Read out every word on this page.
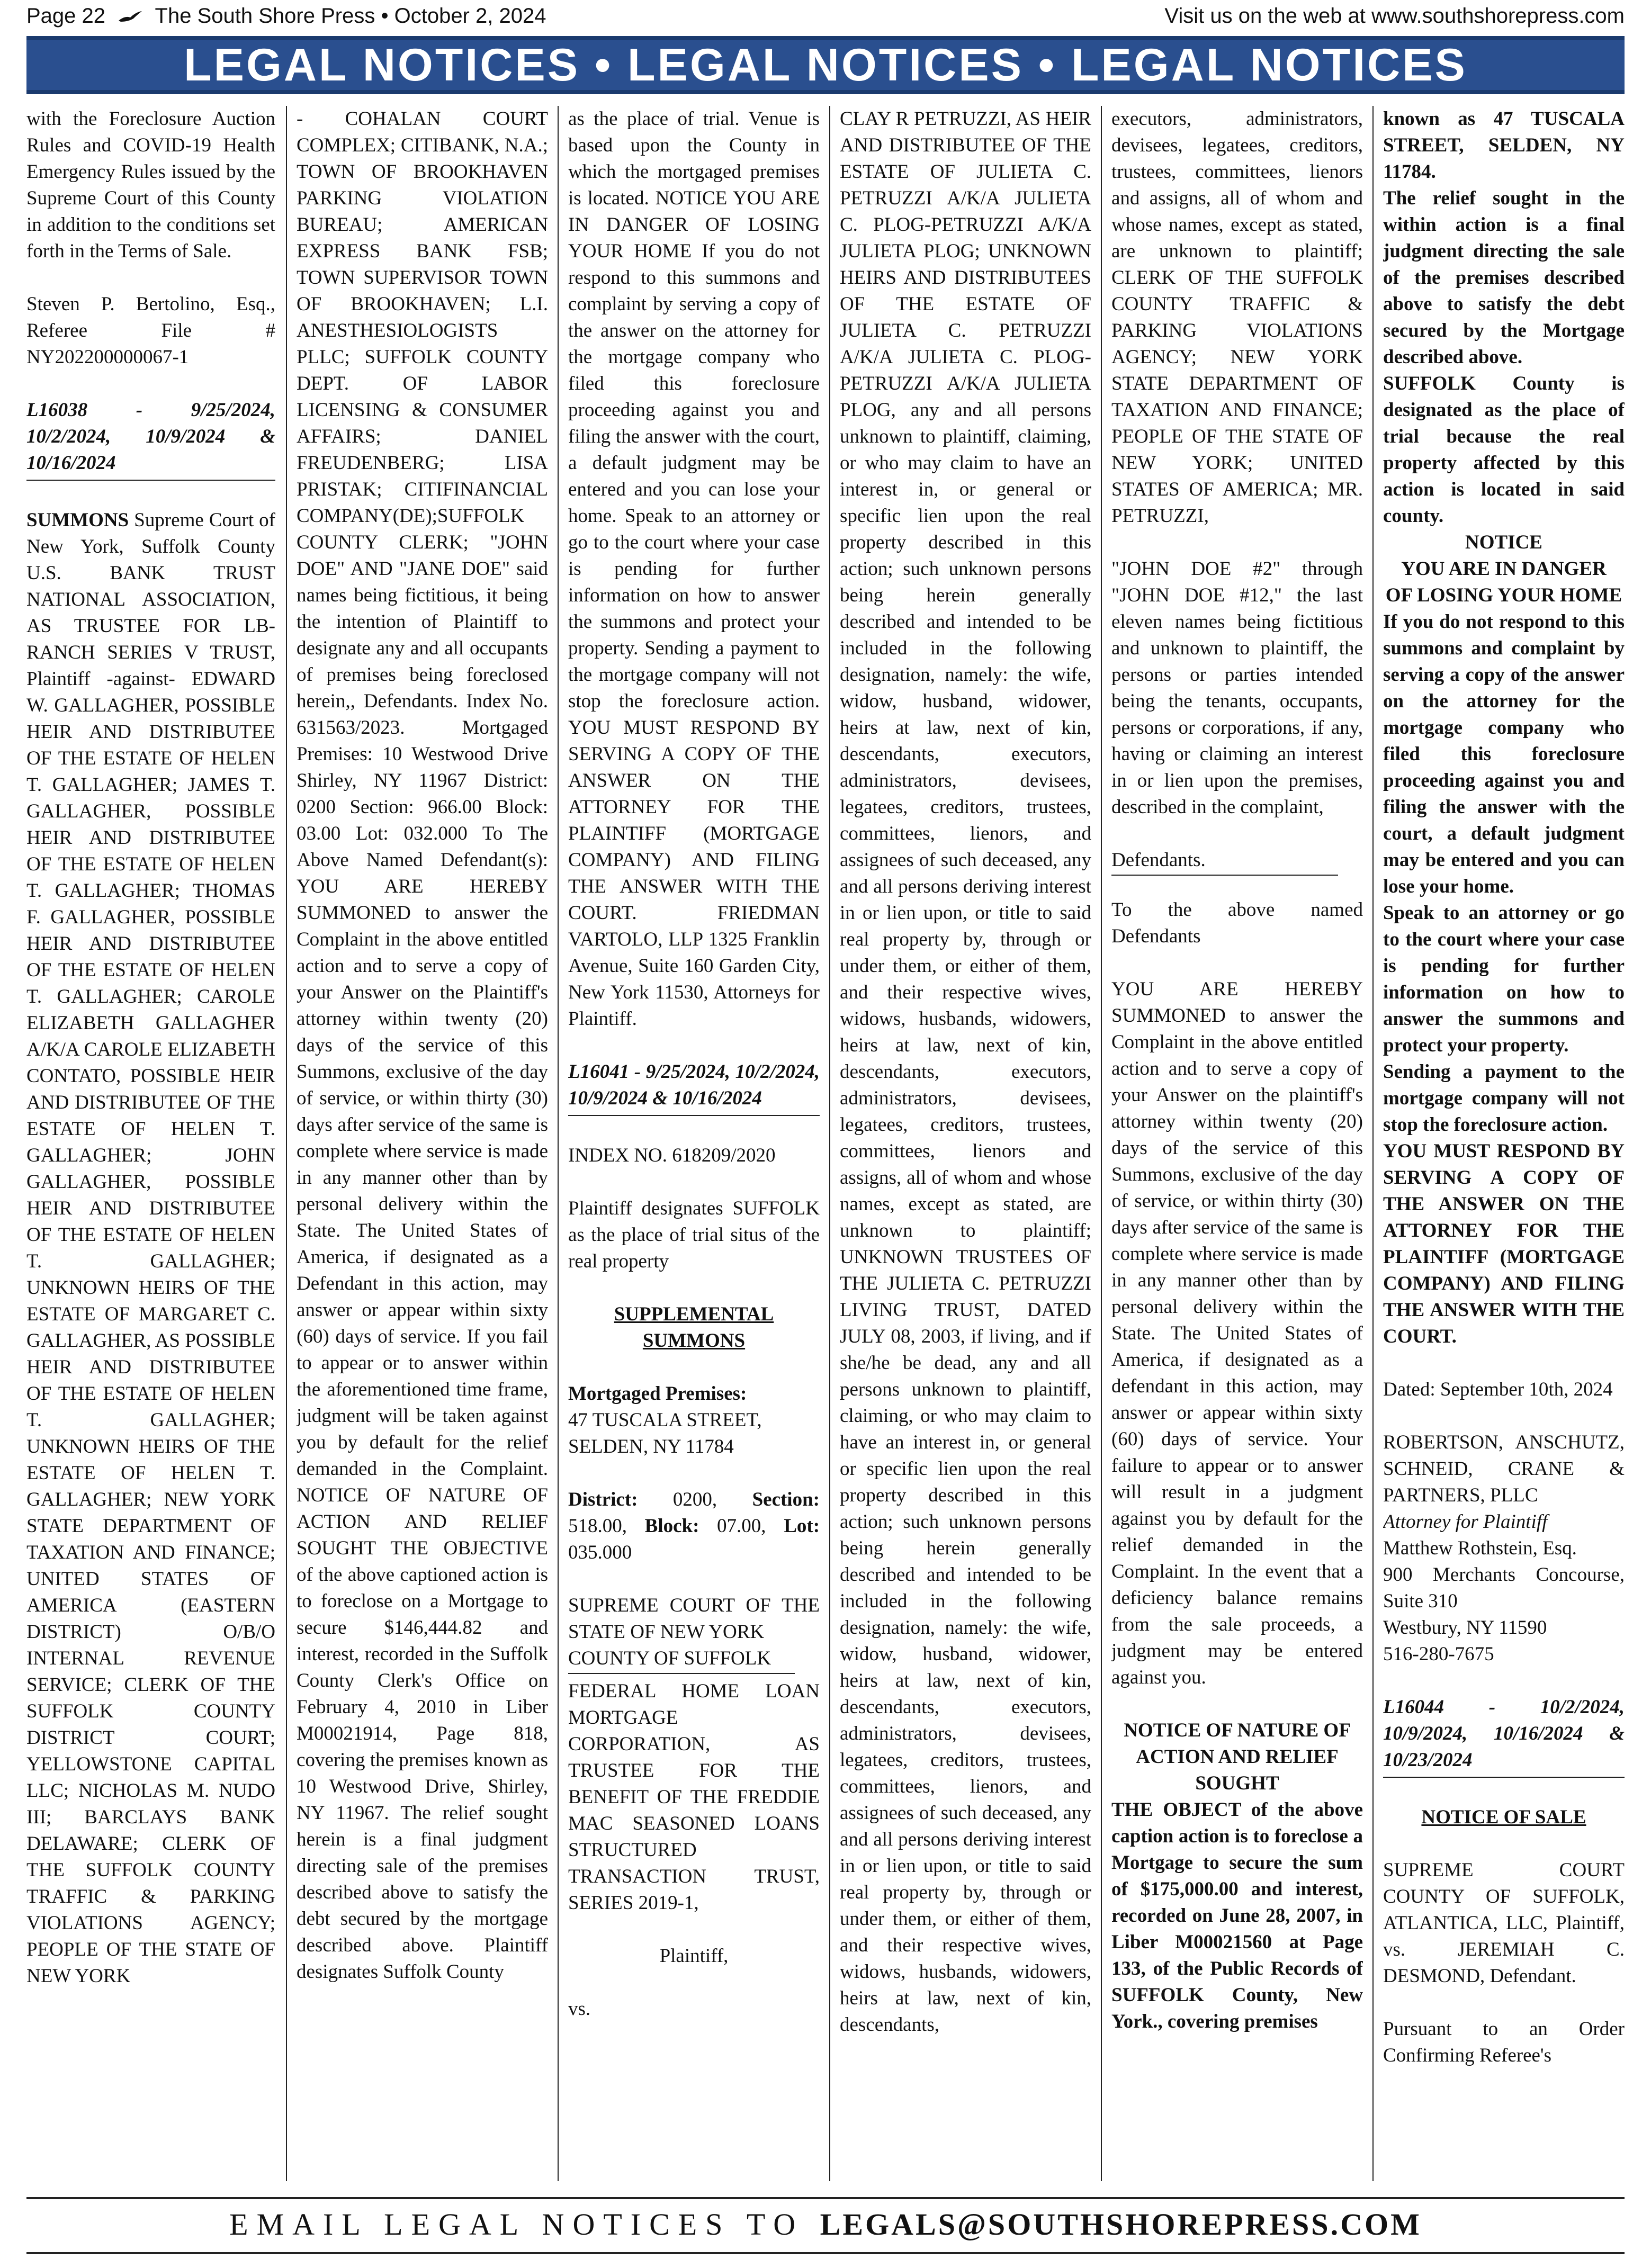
Page 22 The South Shore Press • October 2, 2024	Visit us on the web at www.southshorepress.com
LEGAL NOTICES • LEGAL NOTICES • LEGAL NOTICES

with the Foreclosure Auction Rules and COVID-19 Health Emergency Rules issued by the Supreme Court of this County in addition to the conditions set forth in the Terms of Sale.

Steven P. Bertolino, Esq., Referee File # NY202200000067-1

L16038 - 9/25/2024, 10/2/2024, 10/9/2024 & 10/16/2024

SUMMONS Supreme Court of New York, Suffolk County U.S. BANK TRUST NATIONAL ASSOCIATION, AS TRUSTEE FOR LB-RANCH SERIES V TRUST, Plaintiff -against- EDWARD W. GALLAGHER, POSSIBLE HEIR AND DISTRIBUTEE OF THE ESTATE OF HELEN T. GALLAGHER; JAMES T. GALLAGHER, POSSIBLE HEIR AND DISTRIBUTEE OF THE ESTATE OF HELEN T. GALLAGHER; THOMAS F. GALLAGHER, POSSIBLE HEIR AND DISTRIBUTEE OF THE ESTATE OF HELEN T. GALLAGHER; CAROLE ELIZABETH GALLAGHER A/K/A CAROLE ELIZABETH CONTATO, POSSIBLE HEIR AND DISTRIBUTEE OF THE ESTATE OF HELEN T. GALLAGHER; JOHN GALLAGHER, POSSIBLE HEIR AND DISTRIBUTEE OF THE ESTATE OF HELEN T. GALLAGHER; UNKNOWN HEIRS OF THE ESTATE OF MARGARET C. GALLAGHER, AS POSSIBLE HEIR AND DISTRIBUTEE OF THE ESTATE OF HELEN T. GALLAGHER; UNKNOWN HEIRS OF THE ESTATE OF HELEN T. GALLAGHER; NEW YORK STATE DEPARTMENT OF TAXATION AND FINANCE; UNITED STATES OF AMERICA (EASTERN DISTRICT) O/B/O INTERNAL REVENUE SERVICE; CLERK OF THE SUFFOLK COUNTY DISTRICT COURT; YELLOWSTONE CAPITAL LLC; NICHOLAS M. NUDO III; BARCLAYS BANK DELAWARE; CLERK OF THE SUFFOLK COUNTY TRAFFIC & PARKING VIOLATIONS AGENCY; PEOPLE OF THE STATE OF NEW YORK

- COHALAN COURT COMPLEX; CITIBANK, N.A.; TOWN OF BROOKHAVEN PARKING VIOLATION BUREAU; AMERICAN EXPRESS BANK FSB; TOWN SUPERVISOR TOWN OF BROOKHAVEN; L.I. ANESTHESIOLOGISTS PLLC; SUFFOLK COUNTY DEPT. OF LABOR LICENSING & CONSUMER AFFAIRS; DANIEL FREUDENBERG; LISA PRISTAK; CITIFINANCIAL COMPANY(DE);SUFFOLK COUNTY CLERK; "JOHN DOE" AND "JANE DOE" said names being fictitious, it being the intention of Plaintiff to designate any and all occupants of premises being foreclosed herein,, Defendants. Index No. 631563/2023. Mortgaged Premises: 10 Westwood Drive Shirley, NY 11967 District: 0200 Section: 966.00 Block: 03.00 Lot: 032.000 To The Above Named Defendant(s): YOU ARE HEREBY SUMMONED to answer the Complaint in the above entitled action and to serve a copy of your Answer on the Plaintiff's attorney within twenty (20) days of the service of this Summons, exclusive of the day of service, or within thirty (30) days after service of the same is complete where service is made in any manner other than by personal delivery within the State. The United States of America, if designated as a Defendant in this action, may answer or appear within sixty (60) days of service. If you fail to appear or to answer within the aforementioned time frame, judgment will be taken against you by default for the relief demanded in the Complaint. NOTICE OF NATURE OF ACTION AND RELIEF SOUGHT THE OBJECTIVE of the above captioned action is to foreclose on a Mortgage to secure $146,444.82 and interest, recorded in the Suffolk County Clerk's Office on February 4, 2010 in Liber M00021914, Page 818, covering the premises known as 10 Westwood Drive, Shirley, NY 11967. The relief sought herein is a final judgment directing sale of the premises described above to satisfy the debt secured by the mortgage described above. Plaintiff designates Suffolk County

as the place of trial. Venue is based upon the County in which the mortgaged premises is located. NOTICE YOU ARE IN DANGER OF LOSING YOUR HOME If you do not respond to this summons and complaint by serving a copy of the answer on the attorney for the mortgage company who filed this foreclosure proceeding against you and filing the answer with the court, a default judgment may be entered and you can lose your home. Speak to an attorney or go to the court where your case is pending for further information on how to answer the summons and protect your property. Sending a payment to the mortgage company will not stop the foreclosure action. YOU MUST RESPOND BY SERVING A COPY OF THE ANSWER ON THE ATTORNEY FOR THE PLAINTIFF (MORTGAGE COMPANY) AND FILING THE ANSWER WITH THE COURT. FRIEDMAN VARTOLO, LLP 1325 Franklin Avenue, Suite 160 Garden City, New York 11530, Attorneys for Plaintiff.

L16041 - 9/25/2024, 10/2/2024, 10/9/2024 & 10/16/2024

INDEX NO. 618209/2020

Plaintiff designates SUFFOLK as the place of trial situs of the real property

SUPPLEMENTAL

SUMMONS

Mortgaged Premises:
47 TUSCALA STREET,

SELDEN, NY 11784

District: 0200, Section: 518.00, Block: 07.00, Lot: 035.000

SUPREME COURT OF THE STATE OF NEW YORK
COUNTY OF SUFFOLK

FEDERAL HOME LOAN MORTGAGE CORPORATION, AS TRUSTEE FOR THE BENEFIT OF THE FREDDIE MAC SEASONED LOANS STRUCTURED TRANSACTION TRUST, SERIES 2019-1,

Plaintiff,

vs.

CLAY R PETRUZZI, AS HEIR AND DISTRIBUTEE OF THE ESTATE OF JULIETA C. PETRUZZI A/K/A JULIETA C. PLOG-PETRUZZI A/K/A JULIETA PLOG; UNKNOWN HEIRS AND DISTRIBUTEES OF THE ESTATE OF JULIETA C. PETRUZZI A/K/A JULIETA C. PLOG-PETRUZZI A/K/A JULIETA PLOG, any and all persons unknown to plaintiff, claiming, or who may claim to have an interest in, or general or specific lien upon the real property described in this action; such unknown persons being herein generally described and intended to be included in the following designation, namely: the wife, widow, husband, widower, heirs at law, next of kin, descendants, executors, administrators, devisees, legatees, creditors, trustees, committees, lienors, and assignees of such deceased, any and all persons deriving interest in or lien upon, or title to said real property by, through or under them, or either of them, and their respective wives, widows, husbands, widowers, heirs at law, next of kin, descendants, executors, administrators, devisees, legatees, creditors, trustees, committees, lienors and assigns, all of whom and whose names, except as stated, are unknown to plaintiff; UNKNOWN TRUSTEES OF THE JULIETA C. PETRUZZI LIVING TRUST, DATED JULY 08, 2003, if living, and if she/he be dead, any and all persons unknown to plaintiff, claiming, or who may claim to have an interest in, or general or specific lien upon the real property described in this action; such unknown persons being herein generally described and intended to be included in the following designation, namely: the wife, widow, husband, widower, heirs at law, next of kin, descendants, executors, administrators, devisees, legatees, creditors, trustees, committees, lienors, and assignees of such deceased, any and all persons deriving interest in or lien upon, or title to said real property by, through or under them, or either of them, and their respective wives, widows, husbands, widowers, heirs at law, next of kin, descendants,

executors, administrators, devisees, legatees, creditors, trustees, committees, lienors and assigns, all of whom and whose names, except as stated, are unknown to plaintiff; CLERK OF THE SUFFOLK COUNTY TRAFFIC & PARKING VIOLATIONS AGENCY; NEW YORK STATE DEPARTMENT OF TAXATION AND FINANCE; PEOPLE OF THE STATE OF NEW YORK; UNITED STATES OF AMERICA; MR. PETRUZZI,

"JOHN DOE #2" through "JOHN DOE #12," the last eleven names being fictitious and unknown to plaintiff, the persons or parties intended being the tenants, occupants, persons or corporations, if any, having or claiming an interest in or lien upon the premises, described in the complaint,

Defendants.

To the above named Defendants

YOU ARE HEREBY SUMMONED to answer the Complaint in the above entitled action and to serve a copy of your Answer on the plaintiff's attorney within twenty (20) days of the service of this Summons, exclusive of the day of service, or within thirty (30) days after service of the same is complete where service is made in any manner other than by personal delivery within the State. The United States of America, if designated as a defendant in this action, may answer or appear within sixty (60) days of service. Your failure to appear or to answer will result in a judgment against you by default for the relief demanded in the Complaint. In the event that a deficiency balance remains from the sale proceeds, a judgment may be entered against you.

NOTICE OF NATURE OF
ACTION AND RELIEF
SOUGHT
THE OBJECT of the above caption action is to foreclose a Mortgage to secure the sum of $175,000.00 and interest, recorded on June 28, 2007, in Liber M00021560 at Page 133, of the Public Records of SUFFOLK County, New York., covering premises
known as 47 TUSCALA STREET, SELDEN, NY 11784.
The relief sought in the within action is a final judgment directing the sale of the premises described above to satisfy the debt secured by the Mortgage described above.
SUFFOLK County is designated as the place of trial because the real property affected by this action is located in said county.
NOTICE
YOU ARE IN DANGER
OF LOSING YOUR HOME
If you do not respond to this summons and complaint by serving a copy of the answer on the attorney for the mortgage company who filed this foreclosure proceeding against you and filing the answer with the court, a default judgment may be entered and you can lose your home.
Speak to an attorney or go to the court where your case is pending for further information on how to answer the summons and protect your property.
Sending a payment to the mortgage company will not stop the foreclosure action.

YOU MUST RESPOND BY SERVING A COPY OF THE ANSWER ON THE ATTORNEY FOR THE PLAINTIFF (MORTGAGE COMPANY) AND FILING THE ANSWER WITH THE COURT.

Dated: September 10th, 2024

ROBERTSON, ANSCHUTZ, SCHNEID, CRANE & PARTNERS, PLLC
Attorney for Plaintiff
Matthew Rothstein, Esq.
900 Merchants Concourse, Suite 310
Westbury, NY 11590

516-280-7675

L16044 - 10/2/2024, 10/9/2024, 10/16/2024 & 10/23/2024

NOTICE OF SALE

SUPREME COURT COUNTY OF SUFFOLK, ATLANTICA, LLC, Plaintiff, vs. JEREMIAH C. DESMOND, Defendant.

Pursuant to an Order Confirming Referee's
EMAIL LEGAL NOTICES TO LEGALS@SOUTHSHOREPRESS.COM
